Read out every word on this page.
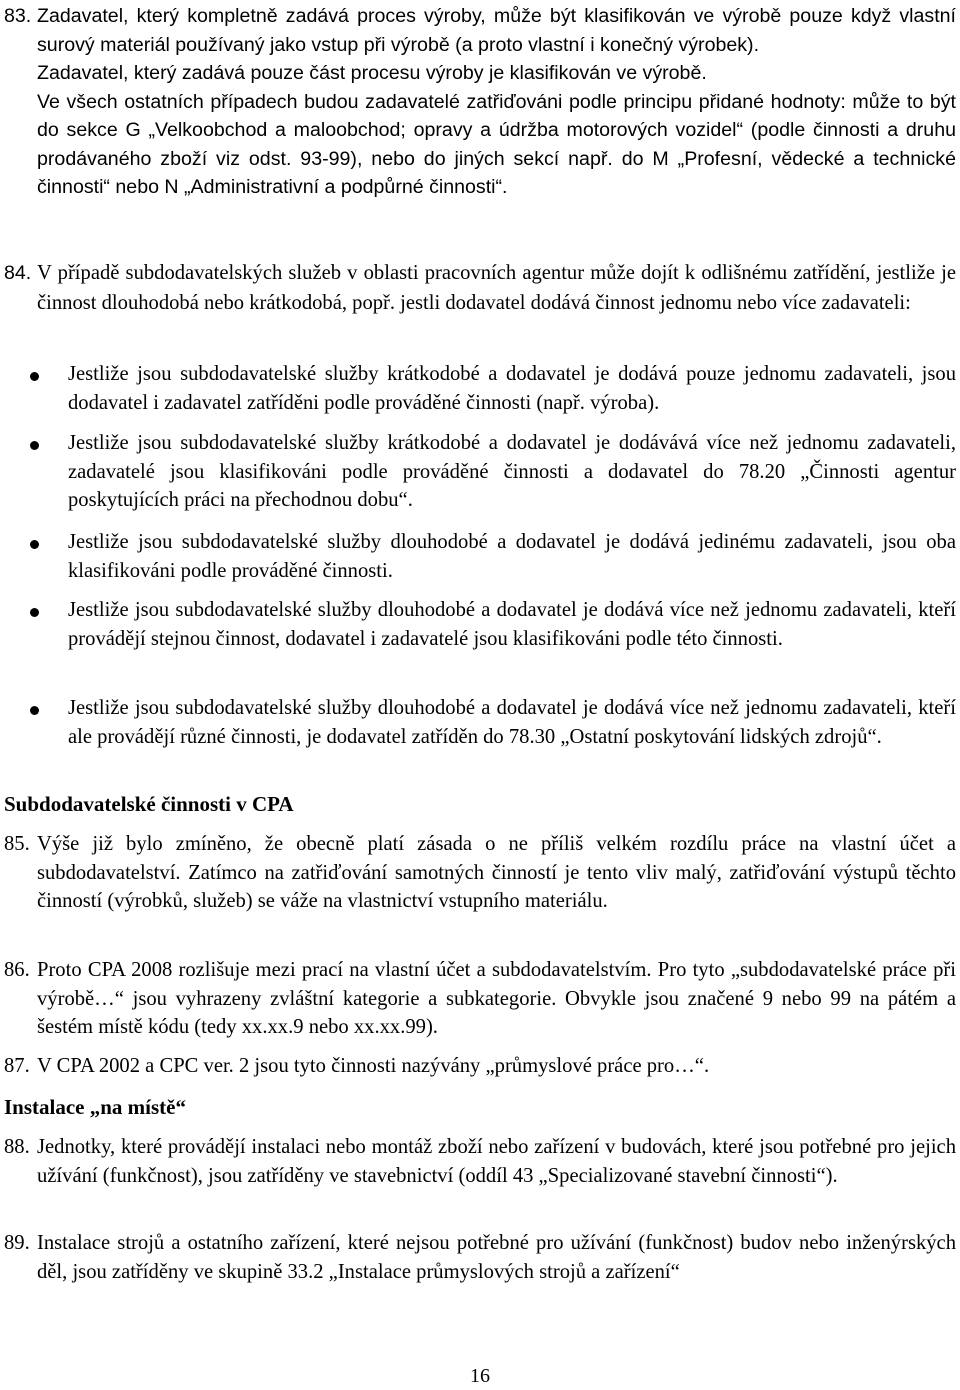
83. Zadavatel, který kompletně zadává proces výroby, může být klasifikován ve výrobě pouze když vlastní surový materiál používaný jako vstup při výrobě (a proto vlastní i konečný výrobek).
Zadavatel, který zadává pouze část procesu výroby je klasifikován ve výrobě.
Ve všech ostatních případech budou zadavatelé zatřiďováni podle principu přidané hodnoty: může to být do sekce G „Velkoobchod a maloobchod; opravy a údržba motorových vozidel“ (podle činnosti a druhu prodávaného zboží viz odst. 93-99), nebo do jiných sekcí např. do M „Profesní, vědecké a technické činnosti“ nebo N „Administrativní a podpůrné činnosti“.
84. V případě subdodavatelských služeb v oblasti pracovních agentur může dojít k odlišnému zatřídění, jestliže je činnost dlouhodobá nebo krátkodobá, popř. jestli dodavatel dodává činnost jednomu nebo více zadavateli:
Jestliže jsou subdodavatelské služby krátkodobé a dodavatel je dodává pouze jednomu zadavateli, jsou dodavatel i zadavatel zatříděni podle prováděné činnosti (např. výroba).
Jestliže jsou subdodavatelské služby krátkodobé a dodavatel je dodávává více než jednomu zadavateli, zadavatelé jsou klasifikováni podle prováděné činnosti a dodavatel do 78.20 „Činnosti agentur poskytujících práci na přechodnou dobu“.
Jestliže jsou subdodavatelské služby dlouhodobé a dodavatel je dodává jedinému zadavateli, jsou oba klasifikováni podle prováděné činnosti.
Jestliže jsou subdodavatelské služby dlouhodobé a dodavatel je dodává více než jednomu zadavateli, kteří provádějí stejnou činnost, dodavatel i zadavatelé jsou klasifikováni podle této činnosti.
Jestliže jsou subdodavatelské služby dlouhodobé a dodavatel je dodává více než jednomu zadavateli, kteří ale provádějí různé činnosti, je dodavatel zatříděn do 78.30 „Ostatní poskytování lidských zdrojů“.
Subdodavatelské činnosti v CPA
85. Výše již bylo zmíněno, že obecně platí zásada o ne příliš velkém rozdílu práce na vlastní účet a subdodavatelství. Zatímco na zatřiďování samotných činností je tento vliv malý, zatřiďování výstupů těchto činností (výrobků, služeb) se váže na vlastnictví vstupního materiálu.
86. Proto CPA 2008 rozlišuje mezi prací na vlastní účet a subdodavatelstvím. Pro tyto „subdodavatelské práce při výrobě…“ jsou vyhrazeny zvláštní kategorie a subkategorie. Obvykle jsou značené 9 nebo 99 na pátém a šestém místě kódu (tedy xx.xx.9 nebo xx.xx.99).
87. V CPA 2002 a CPC ver. 2 jsou tyto činnosti nazývány „průmyslové práce pro…“.
Instalace „na místě“
88. Jednotky, které provádějí instalaci nebo montáž zboží nebo zařízení v budovách, které jsou potřebné pro jejich užívání (funkčnost), jsou zatříděny ve stavebnictví (oddíl 43 „Specializované stavební činnosti“).
89. Instalace strojů a ostatního zařízení, které nejsou potřebné pro užívání (funkčnost) budov nebo inženýrských děl, jsou zatříděny ve skupině 33.2 „Instalace průmyslových strojů a zařízení“
16
